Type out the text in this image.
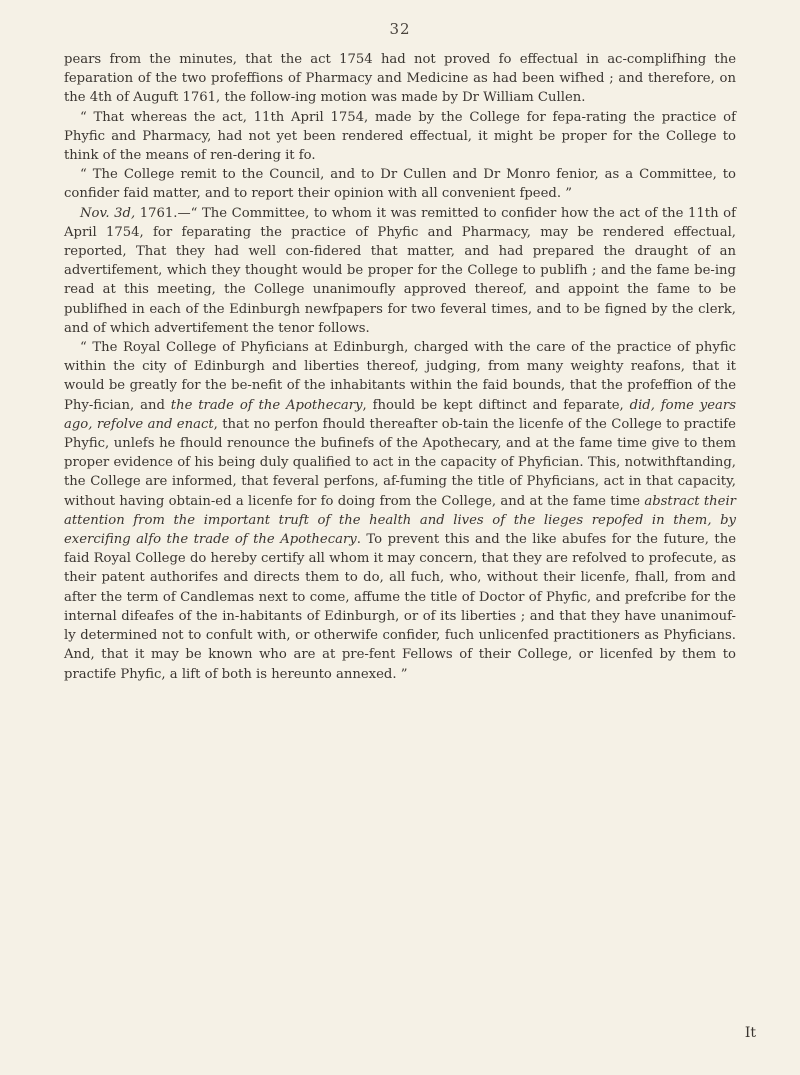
32

pears from the minutes, that the act 1754 had not proved fo effectual in ac-complifhing the feparation of the two profeffions of Pharmacy and Medicine as had been wifhed ; and therefore, on the 4th of Auguft 1761, the follow-ing motion was made by Dr William Cullen.

“ That whereas the act, 11th April 1754, made by the College for fepa-rating the practice of Phyfic and Pharmacy, had not yet been rendered effectual, it might be proper for the College to think of the means of ren-dering it fo.

“ The College remit to the Council, and to Dr Cullen and Dr Monro fenior, as a Committee, to confider faid matter, and to report their opinion with all convenient fpeed. ”

Nov. 3d, 1761.—“ The Committee, to whom it was remitted to confider how the act of the 11th of April 1754, for feparating the practice of Phyfic and Pharmacy, may be rendered effectual, reported, That they had well con-fidered that matter, and had prepared the draught of an advertifement, which they thought would be proper for the College to publifh ; and the fame be-ing read at this meeting, the College unanimoufly approved thereof, and appoint the fame to be publifhed in each of the Edinburgh newfpapers for two feveral times, and to be figned by the clerk, and of which advertifement the tenor follows.

“ The Royal College of Phyficians at Edinburgh, charged with the care of the practice of phyfic within the city of Edinburgh and liberties thereof, judging, from many weighty reafons, that it would be greatly for the be-nefit of the inhabitants within the faid bounds, that the profeffion of the Phy-fician, and the trade of the Apothecary, fhould be kept diftinct and feparate, did, fome years ago, refolve and enact, that no perfon fhould thereafter ob-tain the licenfe of the College to practife Phyfic, unlefs he fhould renounce the bufinefs of the Apothecary, and at the fame time give to them proper evidence of his being duly qualified to act in the capacity of Phyfician. This, notwithftanding, the College are informed, that feveral perfons, af-fuming the title of Phyficians, act in that capacity, without having obtain-ed a licenfe for fo doing from the College, and at the fame time abstract their attention from the important truft of the health and lives of the lieges repofed in them, by exercifing alfo the trade of the Apothecary. To prevent this and the like abufes for the future, the faid Royal College do hereby certify all whom it may concern, that they are refolved to profecute, as their patent authorifes and directs them to do, all fuch, who, without their licenfe, fhall, from and after the term of Candlemas next to come, affume the title of Doctor of Phyfic, and prefcribe for the internal difeafes of the in-habitants of Edinburgh, or of its liberties ; and that they have unanimouf-ly determined not to confult with, or otherwife confider, fuch unlicenfed practitioners as Phyficians. And, that it may be known who are at pre-fent Fellows of their College, or licenfed by them to practife Phyfic, a lift of both is hereunto annexed. ”

It
